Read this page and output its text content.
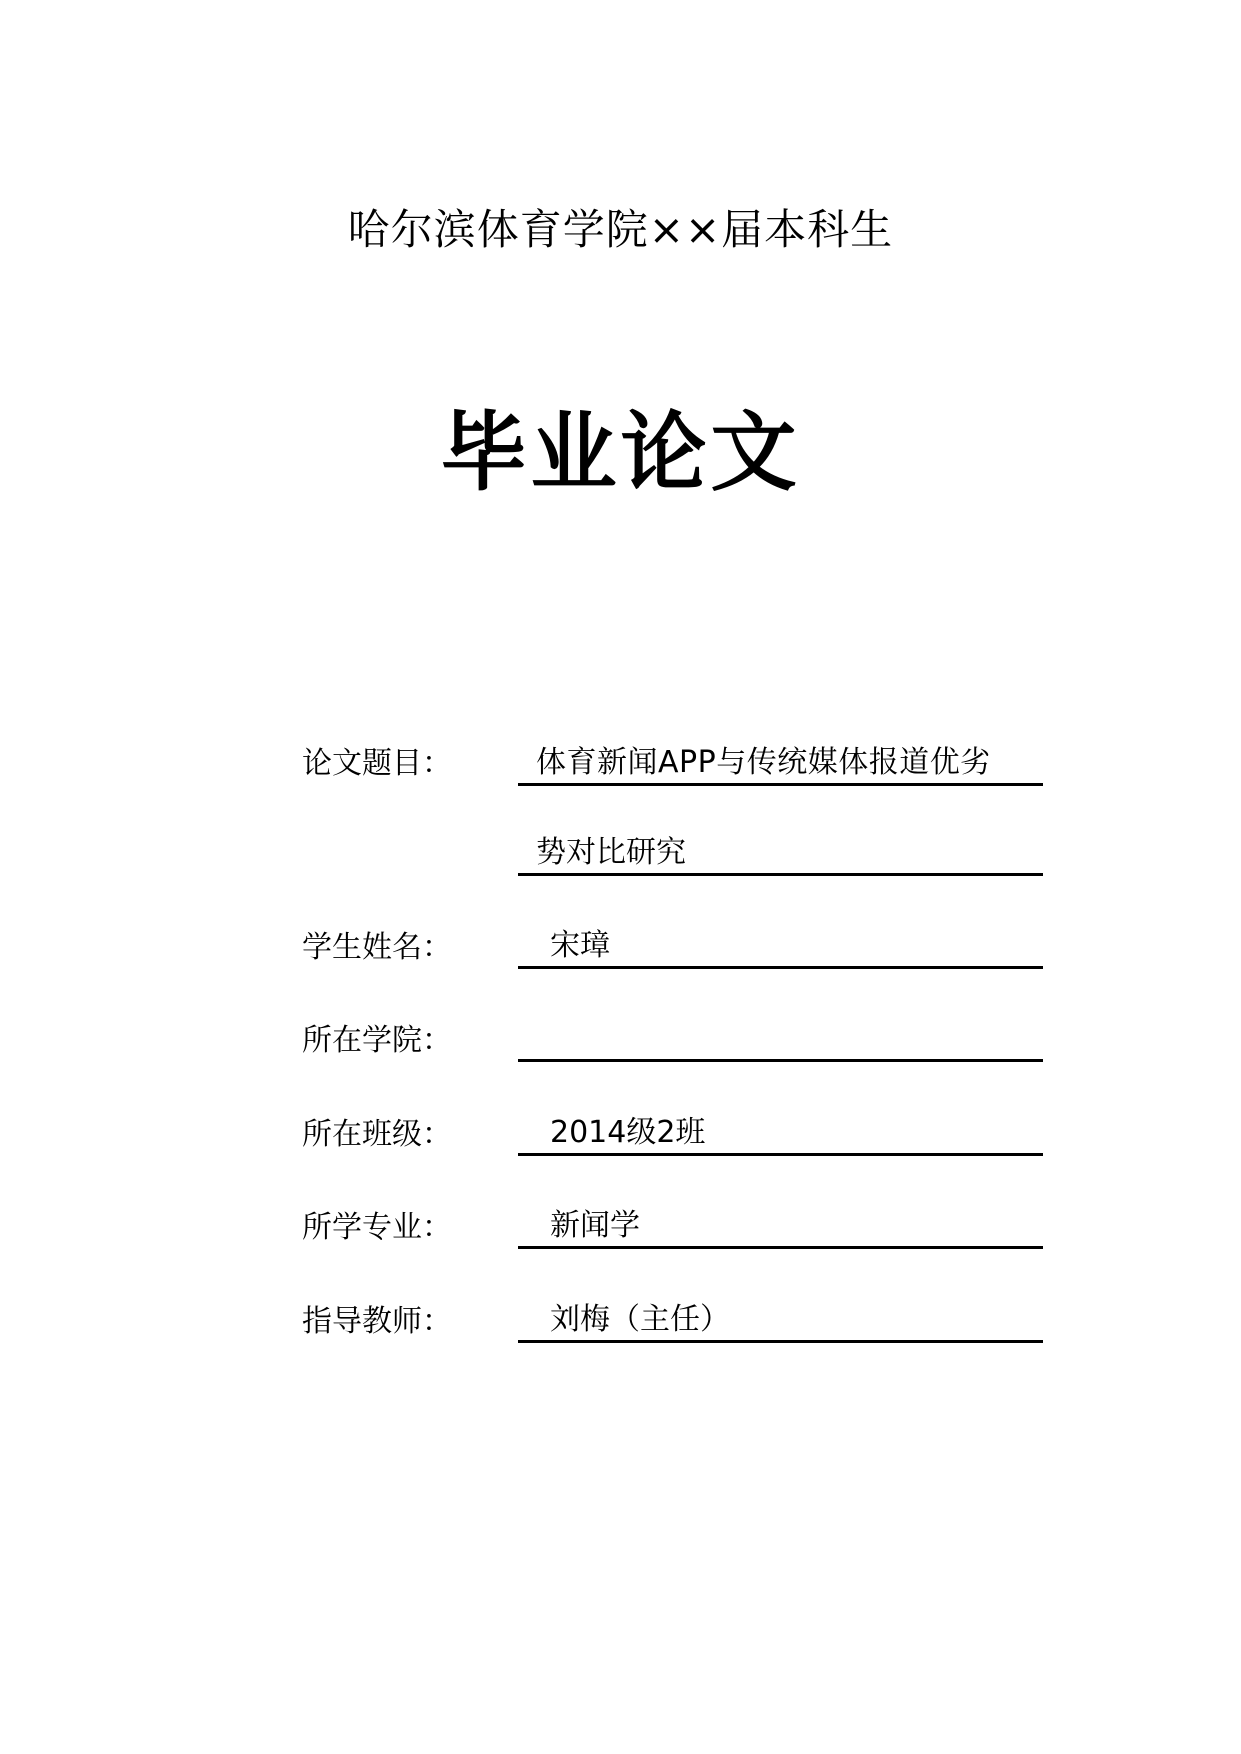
哈尔滨体育学院××届本科生
毕业论文
论文题目：	体育新闻APP与传统媒体报道优劣
势对比研究
学生姓名：	宋璋
所在学院：
所在班级：	2014级2班
所学专业：	新闻学
指导教师：	刘梅（主任）
